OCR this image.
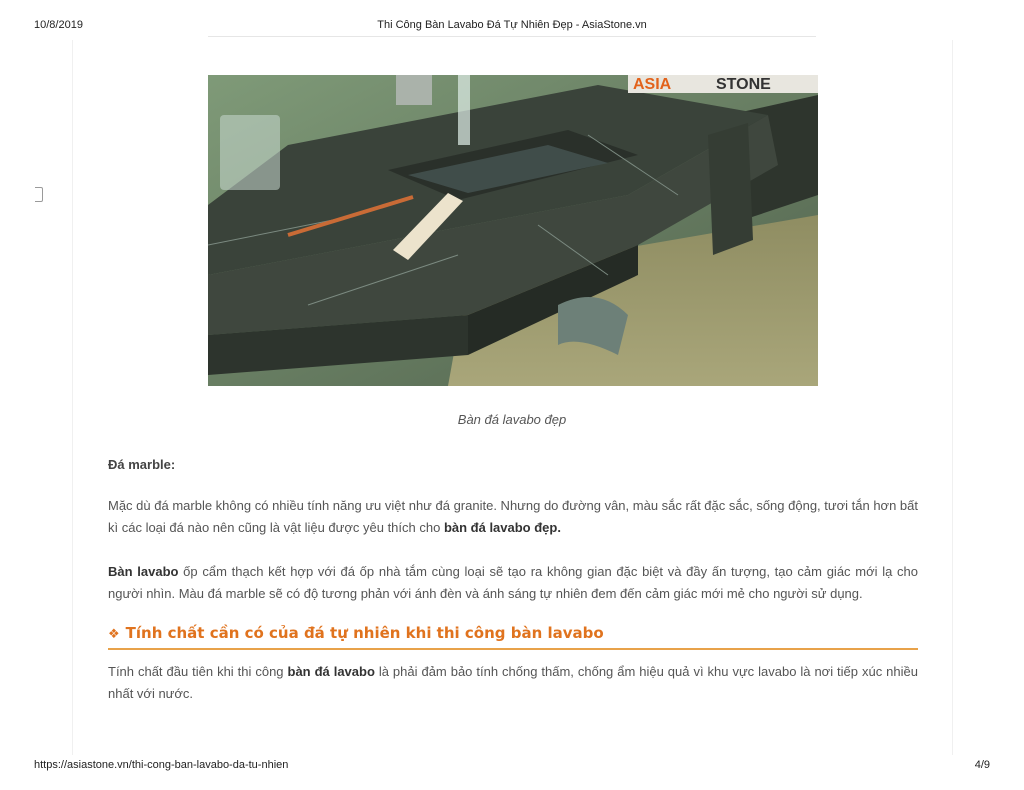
10/8/2019	Thi Công Bàn Lavabo Đá Tự Nhiên Đẹp - AsiaStone.vn
ASIA	STONE
Bàn đá lavabo đẹp
Đá marble:
Mặc dù đá marble không có nhiều tính năng ưu việt như đá granite. Nhưng do đường vân, màu sắc rất đặc sắc, sống động, tươi tắn hơn bất kì các loại đá nào nên cũng là vật liệu được yêu thích cho bàn đá lavabo đẹp.
Bàn lavabo ốp cẩm thạch kết hợp với đá ốp nhà tắm cùng loại sẽ tạo ra không gian đặc biệt và đầy ấn tượng, tạo cảm giác mới lạ cho người nhìn. Màu đá marble sẽ có độ tương phản với ánh đèn và ánh sáng tự nhiên đem đến cảm giác mới mẻ cho người sử dụng.
❖ Tính chất cần có của đá tự nhiên khi thi công bàn lavabo
Tính chất đầu tiên khi thi công bàn đá lavabo là phải đảm bảo tính chống thấm, chống ẩm hiệu quả vì khu vực lavabo là nơi tiếp xúc nhiều nhất với nước.
https://asiastone.vn/thi-cong-ban-lavabo-da-tu-nhien	4/9
